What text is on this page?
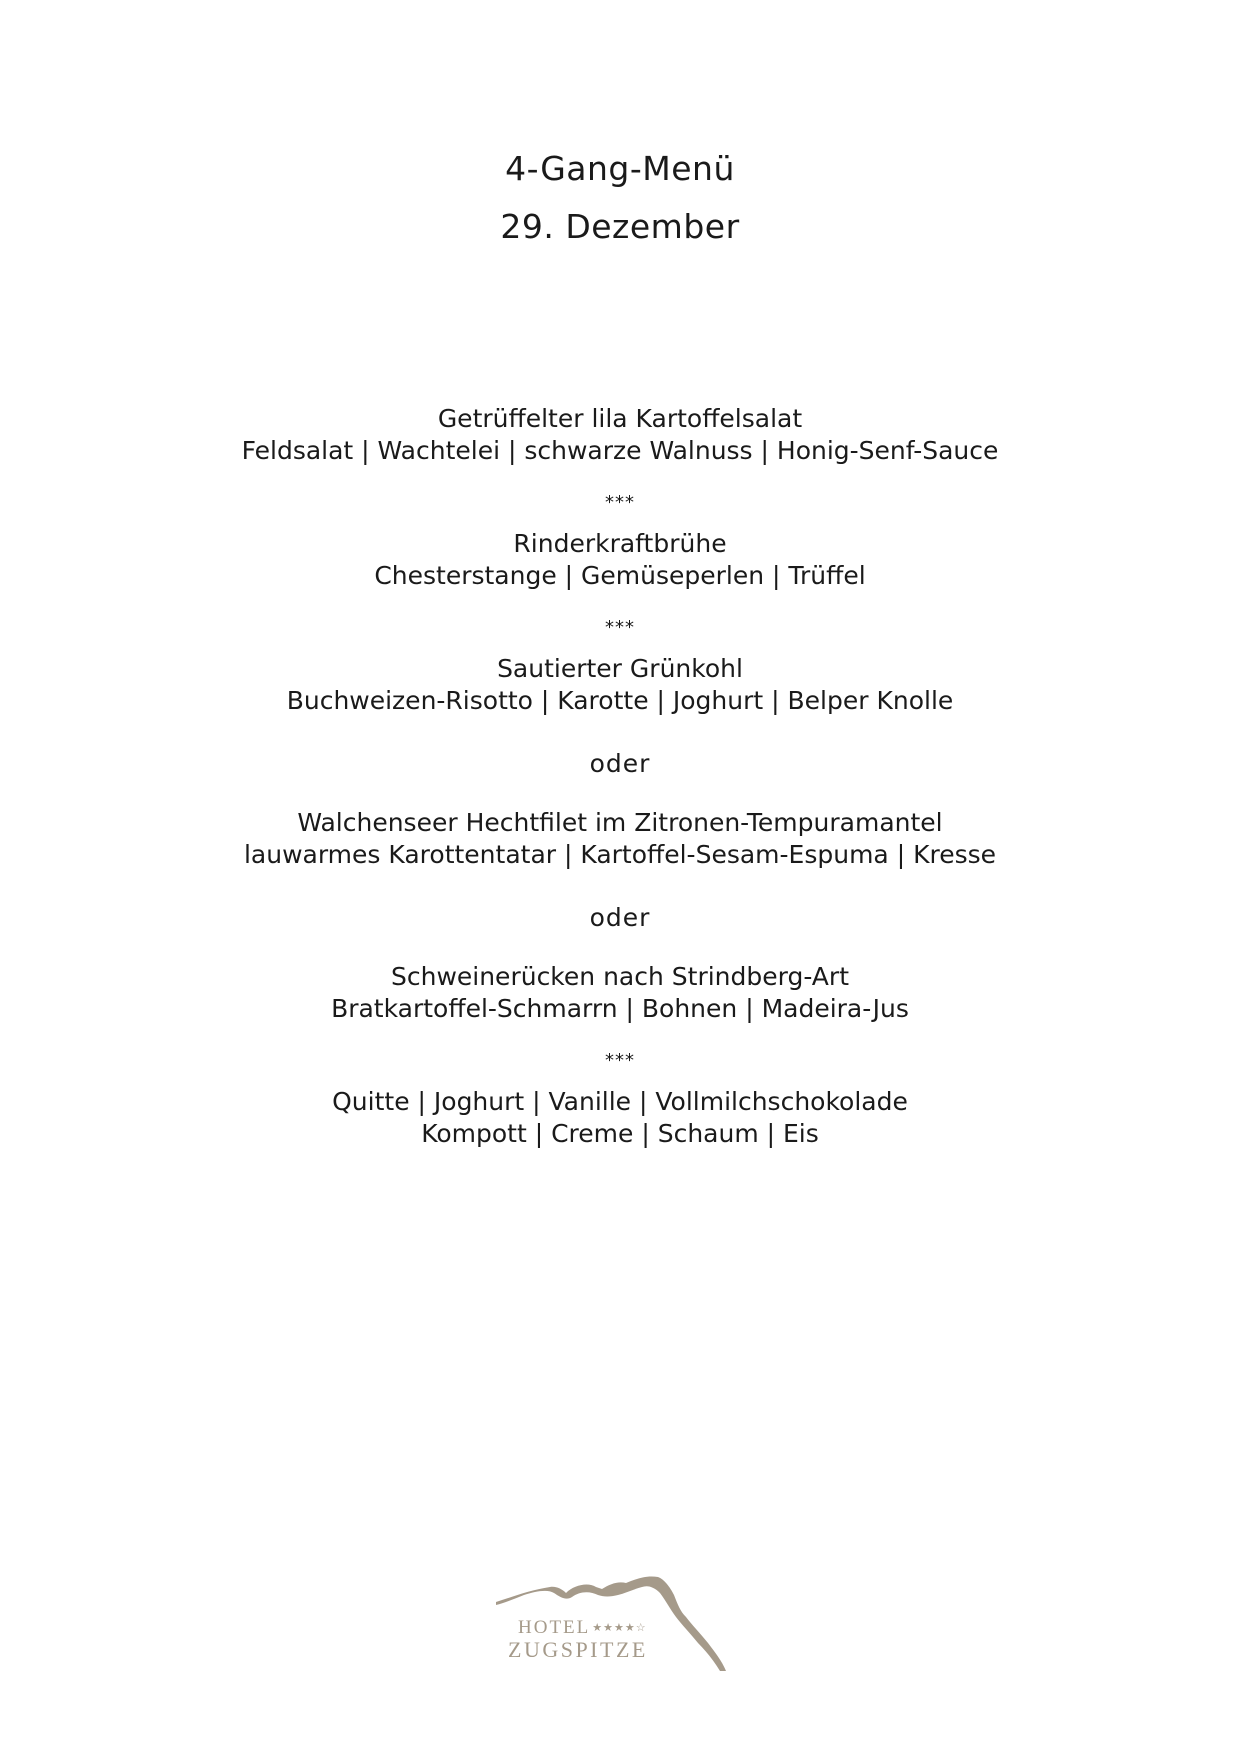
4-Gang-Menü
29. Dezember
Getrüffelter lila Kartoffelsalat
Feldsalat | Wachtelei | schwarze Walnuss | Honig-Senf-Sauce
***
Rinderkraftbrühe
Chesterstange | Gemüseperlen | Trüffel
***
Sautierter Grünkohl
Buchweizen-Risotto | Karotte | Joghurt | Belper Knolle
oder
Walchenseer Hechtfilet im Zitronen-Tempuramantel
lauwarmes Karottentatar | Kartoffel-Sesam-Espuma | Kresse
oder
Schweinerücken nach Strindberg-Art
Bratkartoffel-Schmarrn | Bohnen | Madeira-Jus
***
Quitte | Joghurt | Vanille | Vollmilchschokolade
Kompott | Creme | Schaum | Eis
HOTEL ★★★★☆
ZUGSPITZE
